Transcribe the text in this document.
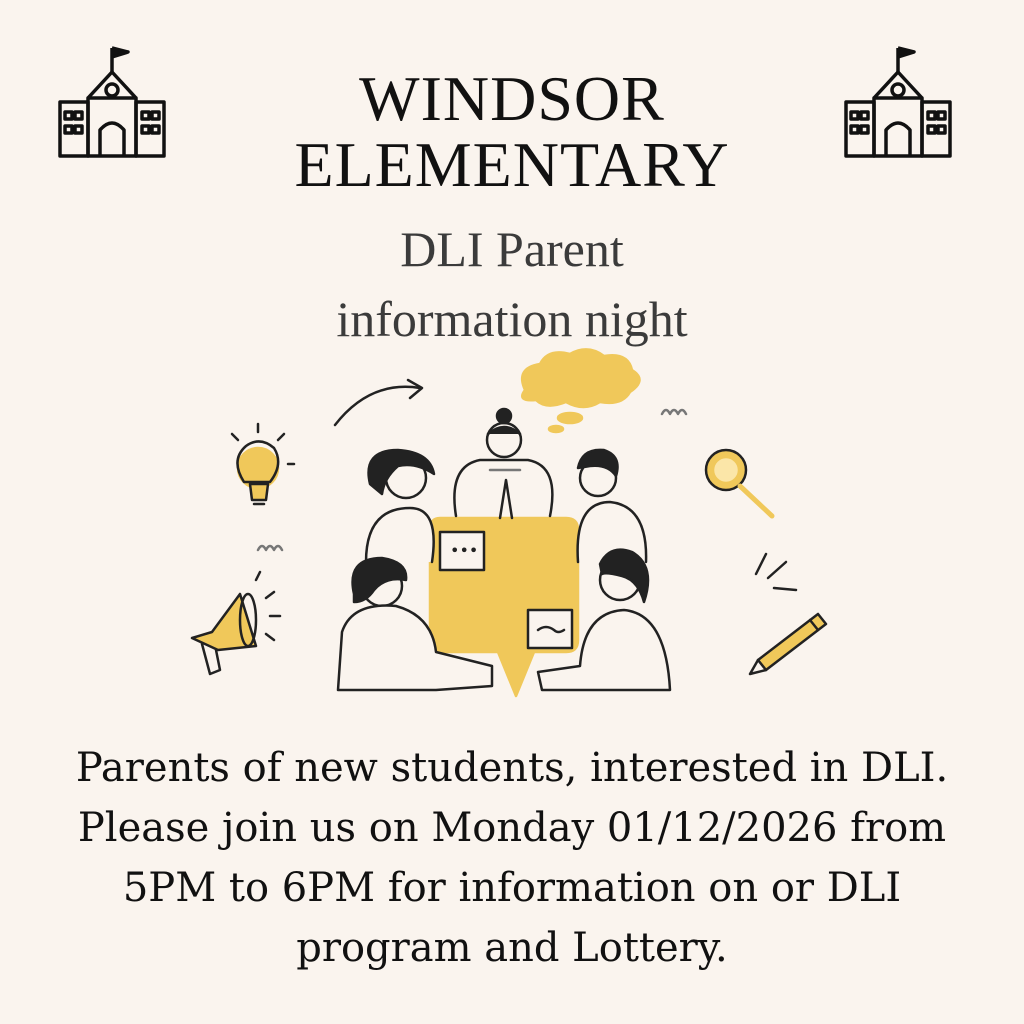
WINDSOR
ELEMENTARY
DLI Parent
information night
•••
Parents of new students, interested in DLI.
Please join us on Monday 01/12/2026 from
5PM to 6PM for information on or DLI
program and Lottery.
